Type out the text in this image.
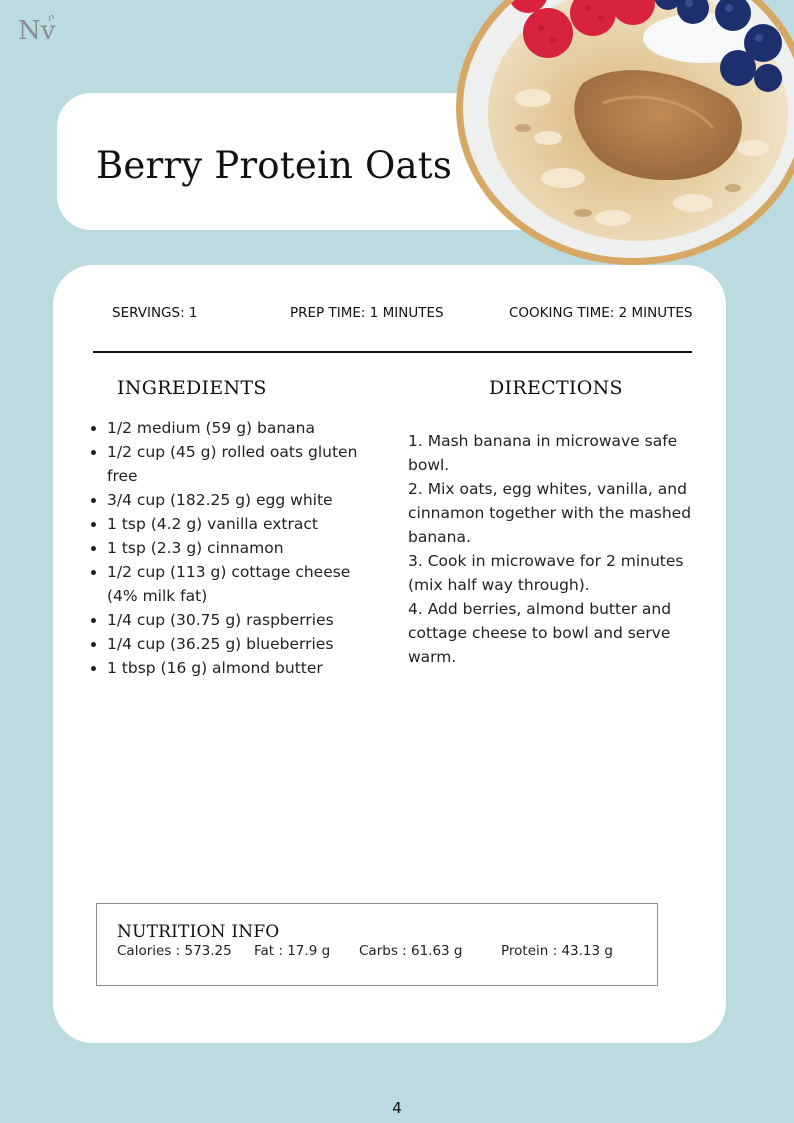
Nv
Berry Protein Oats
SERVINGS: 1	PREP TIME: 1 MINUTES	COOKING TIME: 2 MINUTES
INGREDIENTS	DIRECTIONS
• 1/2 medium (59 g) banana
• 1/2 cup (45 g) rolled oats gluten free
• 3/4 cup (182.25 g) egg white
• 1 tsp (4.2 g) vanilla extract
• 1 tsp (2.3 g) cinnamon
• 1/2 cup (113 g) cottage cheese (4% milk fat)
• 1/4 cup (30.75 g) raspberries
• 1/4 cup (36.25 g) blueberries
• 1 tbsp (16 g) almond butter
1. Mash banana in microwave safe bowl.
2. Mix oats, egg whites, vanilla, and cinnamon together with the mashed banana.
3. Cook in microwave for 2 minutes (mix half way through).
4. Add berries, almond butter and cottage cheese to bowl and serve warm.
NUTRITION INFO
Calories : 573.25 Fat : 17.9 g Carbs : 61.63 g	Protein : 43.13 g
4
